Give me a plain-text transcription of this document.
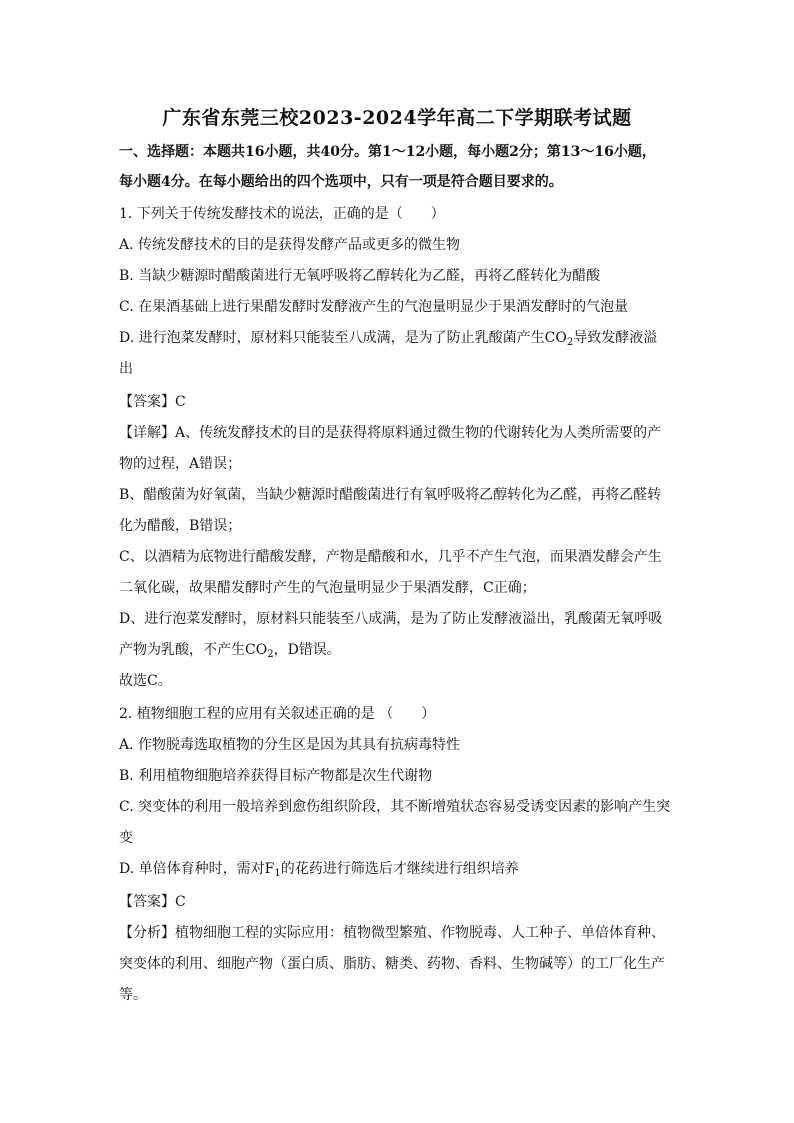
广东省东莞三校2023-2024学年高二下学期联考试题
一、选择题：本题共16小题，共40分。第1～12小题，每小题2分；第13～16小题，
每小题4分。在每小题给出的四个选项中，只有一项是符合题目要求的。
1. 下列关于传统发酵技术的说法，正确的是（　　）
A. 传统发酵技术的目的是获得发酵产品或更多的微生物
B. 当缺少糖源时醋酸菌进行无氧呼吸将乙醇转化为乙醛，再将乙醛转化为醋酸
C. 在果酒基础上进行果醋发酵时发酵液产生的气泡量明显少于果酒发酵时的气泡量
D. 进行泡菜发酵时，原材料只能装至八成满，是为了防止乳酸菌产生$CO_2$导致发酵液溢
出
【答案】C
【详解】A、传统发酵技术的目的是获得将原料通过微生物的代谢转化为人类所需要的产
物的过程，A错误；
B、醋酸菌为好氧菌，当缺少糖源时醋酸菌进行有氧呼吸将乙醇转化为乙醛，再将乙醛转
化为醋酸，B错误；
C、以酒精为底物进行醋酸发酵，产物是醋酸和水，几乎不产生气泡，而果酒发酵会产生
二氧化碳，故果醋发酵时产生的气泡量明显少于果酒发酵，C正确；
D、进行泡菜发酵时，原材料只能装至八成满，是为了防止发酵液溢出，乳酸菌无氧呼吸
产物为乳酸，不产生$CO_2$，D错误。
故选C。
2. 植物细胞工程的应用有关叙述正确的是 （　　）
A. 作物脱毒选取植物的分生区是因为其具有抗病毒特性
B. 利用植物细胞培养获得目标产物都是次生代谢物
C. 突变体的利用一般培养到愈伤组织阶段，其不断增殖状态容易受诱变因素的影响产生突
变
D. 单倍体育种时，需对$F_1$的花药进行筛选后才继续进行组织培养
【答案】C
【分析】植物细胞工程的实际应用：植物微型繁殖、作物脱毒、人工种子、单倍体育种、
突变体的利用、细胞产物（蛋白质、脂肪、糖类、药物、香料、生物碱等）的工厂化生产
等。
